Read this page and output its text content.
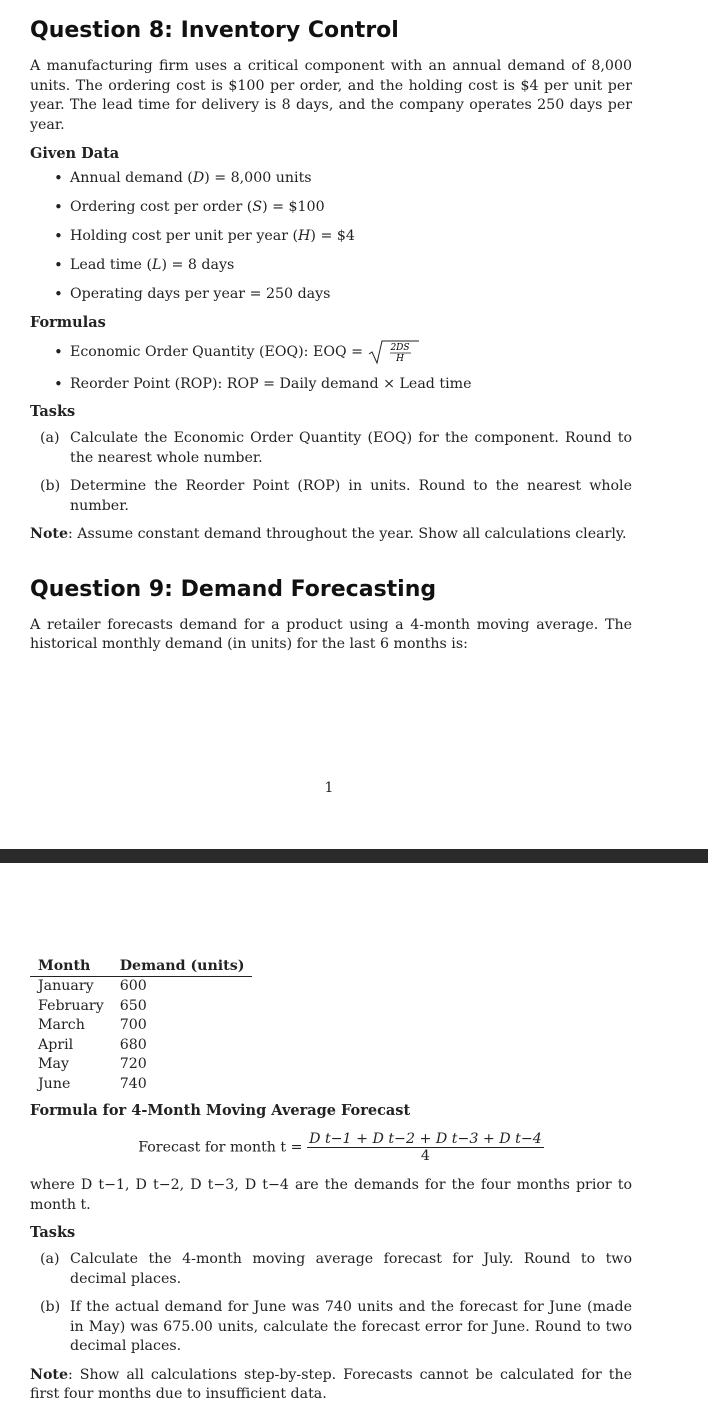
Question 8: Inventory Control

A manufacturing firm uses a critical component with an annual demand of 8,000 units. The ordering cost is $100 per order, and the holding cost is $4 per unit per year. The lead time for delivery is 8 days, and the company operates 250 days per year.

Given Data
• Annual demand (D) = 8,000 units
• Ordering cost per order (S) = $100
• Holding cost per unit per year (H) = $4
• Lead time (L) = 8 days
• Operating days per year = 250 days
Formulas
• Economic Order Quantity (EOQ): EOQ =	2DS
H
• Reorder Point (ROP): ROP = Daily demand × Lead time
Tasks
(a) Calculate the Economic Order Quantity (EOQ) for the component. Round to the nearest whole number.
(b) Determine the Reorder Point (ROP) in units. Round to the nearest whole number.

Note: Assume constant demand throughout the year. Show all calculations clearly.

Question 9: Demand Forecasting

A retailer forecasts demand for a product using a 4-month moving average. The historical monthly demand (in units) for the last 6 months is:

1
Month	Demand (units)
January	600
February	650
March	700
April	680
May	720
June	740
Formula for 4-Month Moving Average Forecast
Forecast for month $t = \frac{\text{D t−1 + D t−2 + D t−3 + D t−4}}{4}$

where D t−1, D t−2, D t−3, D t−4 are the demands for the four months prior to month t.

Tasks
(a) Calculate the 4-month moving average forecast for July. Round to two decimal places.
(b) If the actual demand for June was 740 units and the forecast for June (made in May) was 675.00 units, calculate the forecast error for June. Round to two decimal places.

Note: Show all calculations step-by-step. Forecasts cannot be calculated for the first four months due to insufficient data.
